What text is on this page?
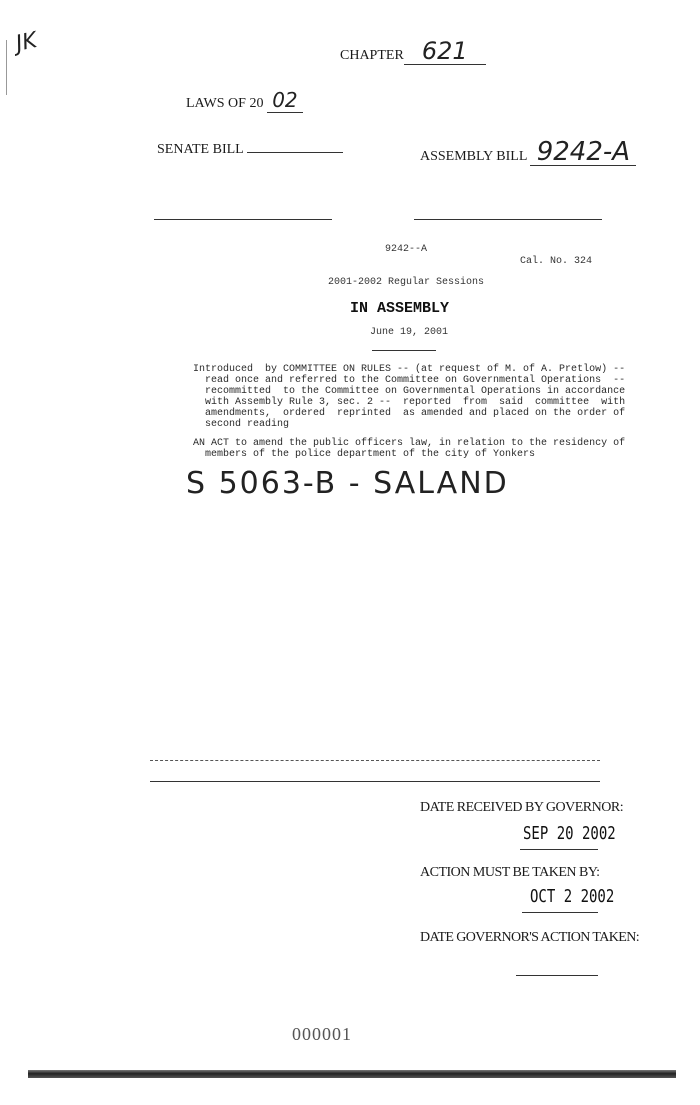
JK	CHAPTER 621
LAWS OF 20 02
SENATE BILL	ASSEMBLY BILL 9242-A
9242--A
Cal. No. 324
2001-2002 Regular Sessions
IN ASSEMBLY
June 19, 2001
Introduced  by COMMITTEE ON RULES -- (at request of M. of A. Pretlow) --
read once and referred to the Committee on Governmental Operations  --
recommitted  to the Committee on Governmental Operations in accordance
with Assembly Rule 3, sec. 2 --  reported  from  said  committee  with
amendments,  ordered  reprinted  as amended and placed on the order of
second reading
AN ACT to amend the public officers law, in relation to the residency of
members of the police department of the city of Yonkers
S 5063-B - SALAND
DATE RECEIVED BY GOVERNOR:
SEP 20 2002
ACTION MUST BE TAKEN BY:
OCT 2 2002
DATE GOVERNOR'S ACTION TAKEN:
000001
